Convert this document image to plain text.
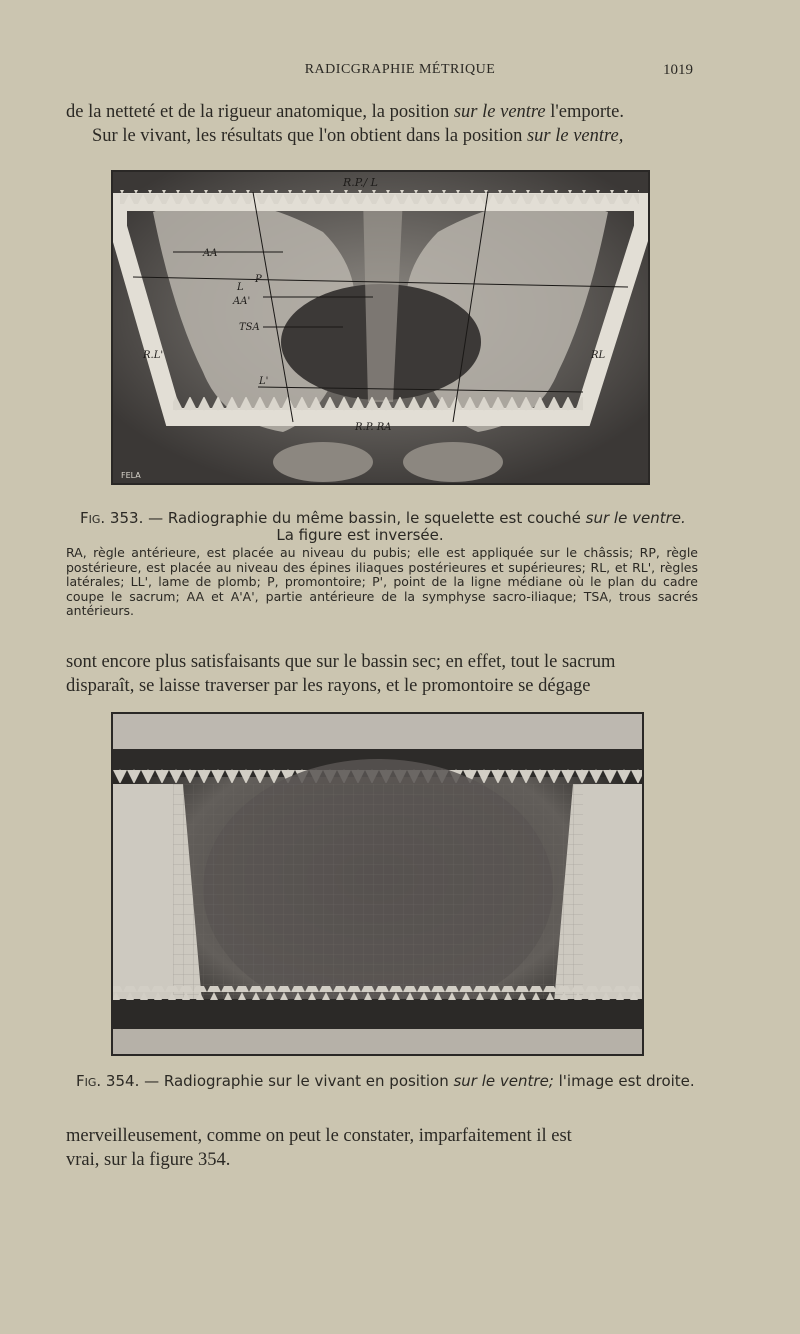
RADICGRAPHIE MÉTRIQUE	1019

de la netteté et de la rigueur anatomique, la position sur le ventre l'emporte.
Sur le vivant, les résultats que l'on obtient dans la position sur le ventre,

R.P./ L
AA
L
P
AA'
TSA
R.L'	RL
L'
R.P. RA
FELA
Fig. 353. — Radiographie du même bassin, le squelette est couché sur le ventre.
La figure est inversée.
RA, règle antérieure, est placée au niveau du pubis; elle est appliquée sur le châssis; RP, règle postérieure, est placée au niveau des épines iliaques postérieures et supérieures; RL, et RL', règles latérales; LL', lame de plomb; P, promontoire; P', point de la ligne médiane où le plan du cadre coupe le sacrum; AA et A'A', partie antérieure de la symphyse sacro-iliaque; TSA, trous sacrés antérieurs.

sont encore plus satisfaisants que sur le bassin sec; en effet, tout le sacrum
disparaît, se laisse traverser par les rayons, et le promontoire se dégage

Fig. 354. — Radiographie sur le vivant en position sur le ventre; l'image est droite.

merveilleusement, comme on peut le constater, imparfaitement il est
vrai, sur la figure 354.
